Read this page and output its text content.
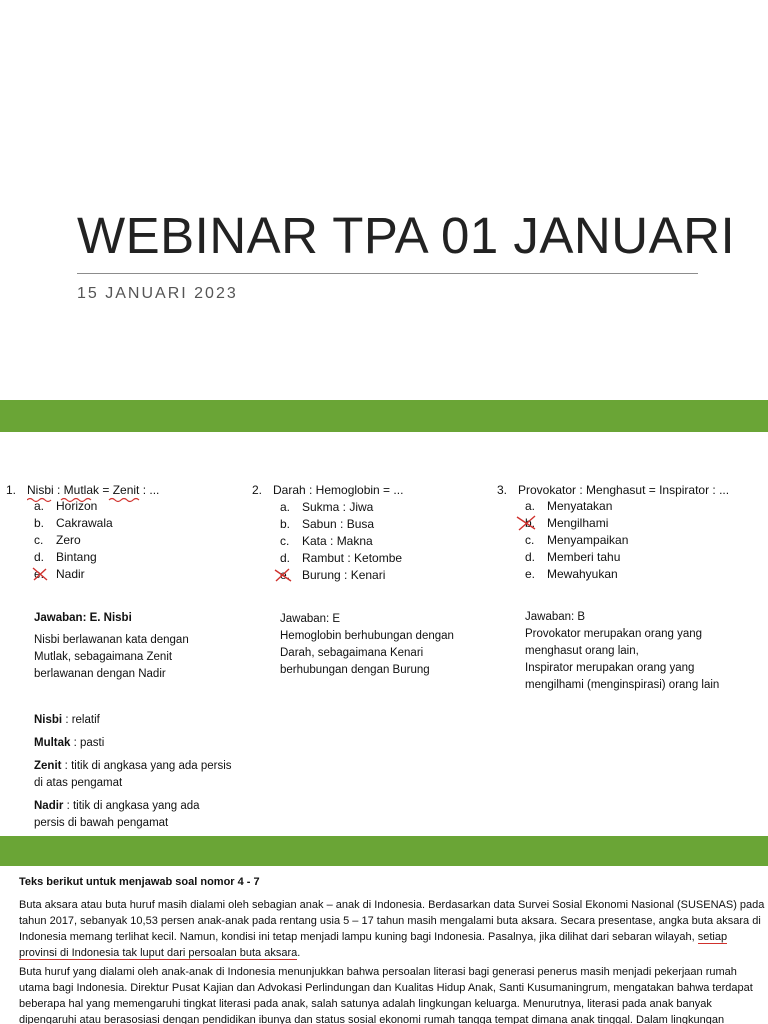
WEBINAR TPA 01 JANUARI
15 JANUARI 2023
1. Nisbi : Mutlak = Zenit : ...
a. Horizon
b. Cakrawala
c. Zero
d. Bintang
e. Nadir
2. Darah : Hemoglobin = ...
a. Sukma : Jiwa
b. Sabun : Busa
c. Kata : Makna
d. Rambut : Ketombe
e. Burung : Kenari
3. Provokator : Menghasut = Inspirator : ...
a. Menyatakan
b. Mengilhami
c. Menyampaikan
d. Memberi tahu
e. Mewahyukan
Jawaban: E. Nisbi
Nisbi berlawanan kata dengan
Mutlak, sebagaimana Zenit
berlawanan dengan Nadir
Jawaban: E
Hemoglobin berhubungan dengan
Darah, sebagaimana Kenari
berhubungan dengan Burung
Jawaban: B
Provokator merupakan orang yang
menghasut orang lain,
Inspirator merupakan orang yang
mengilhami (menginspirasi) orang lain
Nisbi : relatif
Multak : pasti
Zenit : titik di angkasa yang ada persis
di atas pengamat
Nadir : titik di angkasa yang ada
persis di bawah pengamat
Teks berikut untuk menjawab soal nomor 4 - 7
Buta aksara atau buta huruf masih dialami oleh sebagian anak – anak di Indonesia. Berdasarkan data Survei Sosial Ekonomi Nasional (SUSENAS) pada
tahun 2017, sebanyak 10,53 persen anak-anak pada rentang usia 5 – 17 tahun masih mengalami buta aksara. Secara presentase, angka buta aksara di
Indonesia memang terlihat kecil. Namun, kondisi ini tetap menjadi lampu kuning bagi Indonesia. Pasalnya, jika dilihat dari sebaran wilayah, setiap
provinsi di Indonesia tak luput dari persoalan buta aksara.
Buta huruf yang dialami oleh anak-anak di Indonesia menunjukkan bahwa persoalan literasi bagi generasi penerus masih menjadi pekerjaan rumah
utama bagi Indonesia. Direktur Pusat Kajian dan Advokasi Perlindungan dan Kualitas Hidup Anak, Santi Kusumaningrum, mengatakan bahwa terdapat
beberapa hal yang memengaruhi tingkat literasi pada anak, salah satunya adalah lingkungan keluarga. Menurutnya, literasi pada anak banyak
dipengaruhi atau berasosiasi dengan pendidikan ibunya dan status sosial ekonomi rumah tangga tempat dimana anak tinggal. Dalam lingkungan
